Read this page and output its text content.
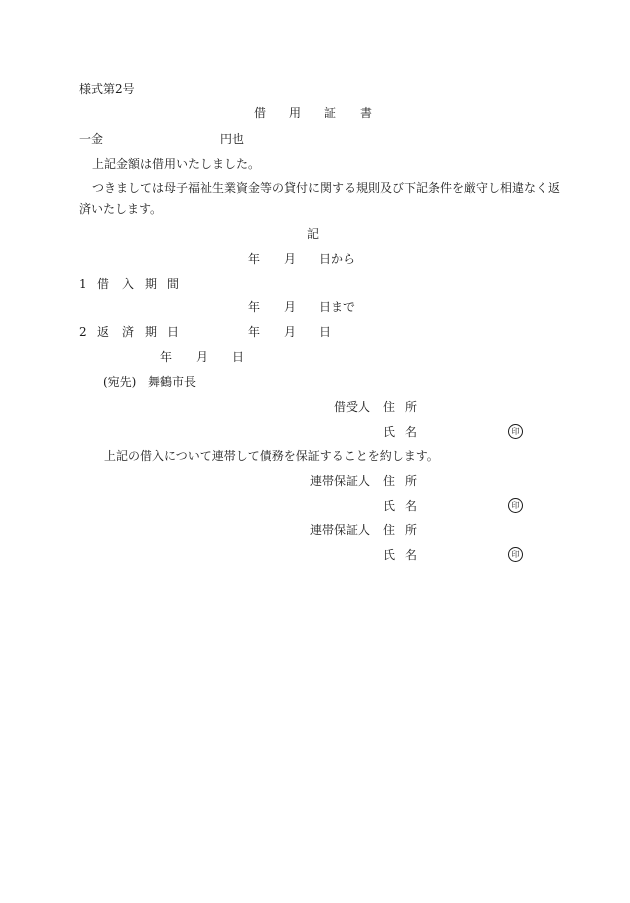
様式第2号
借 用 証 書
一金	円也
上記金額は借用いたしました。
つきましては母子福祉生業資金等の貸付に関する規則及び下記条件を厳守し相違なく返
済いたします。
記
年 月 日から
1 借 入 期 間
年 月 日まで
2 返 済 期 日	年 月 日
年 月 日
(宛先) 舞鶴市長
借受人 住 所
氏 名	印
上記の借入について連帯して債務を保証することを約します。
連帯保証人 住 所
氏 名	印
連帯保証人 住 所
氏 名	印
